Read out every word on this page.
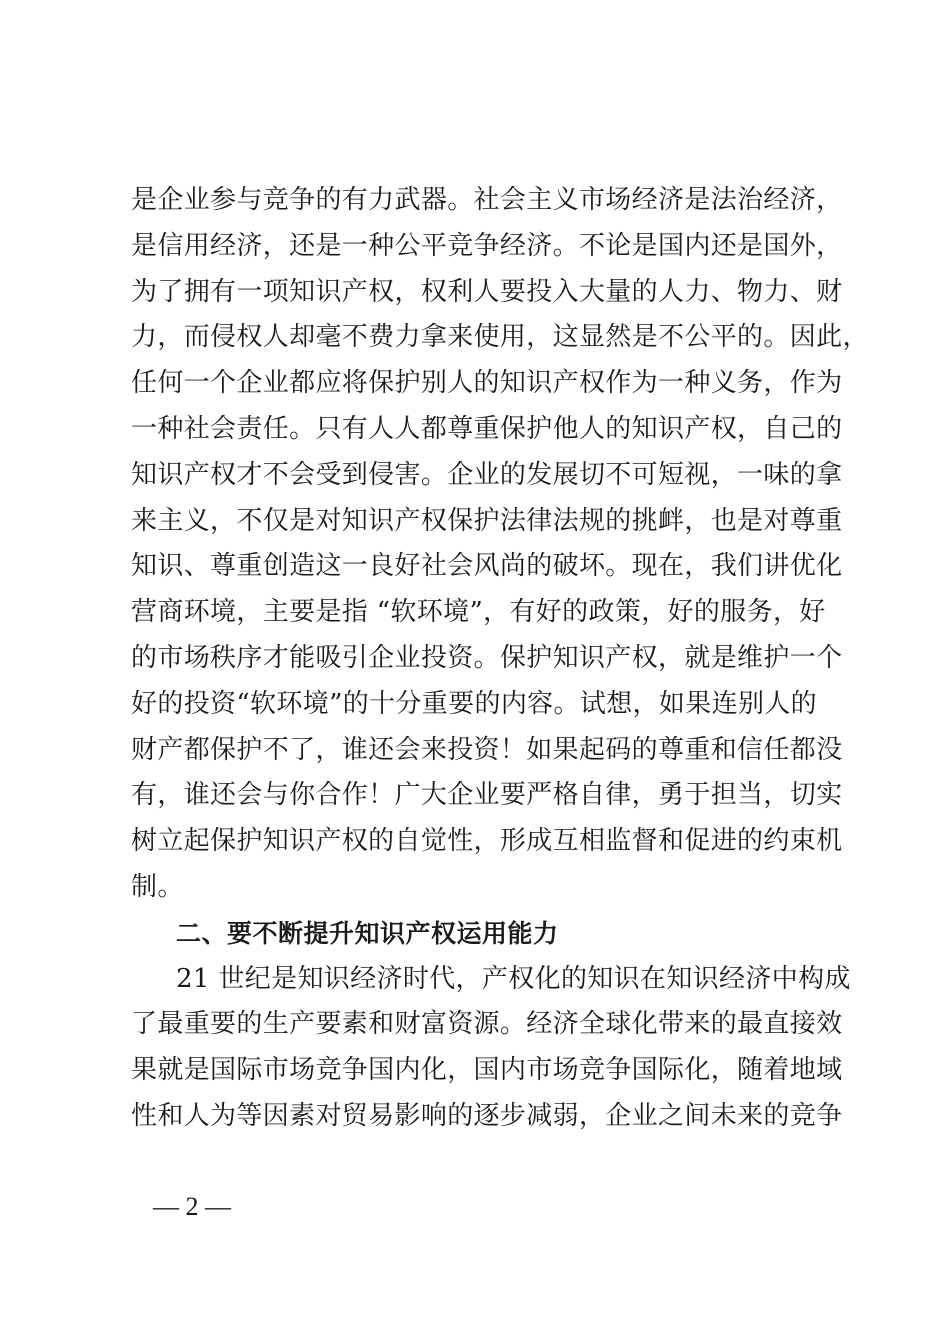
是企业参与竞争的有力武器。社会主义市场经济是法治经济，
是信用经济，还是一种公平竞争经济。不论是国内还是国外，
为了拥有一项知识产权，权利人要投入大量的人力、物力、财
力，而侵权人却毫不费力拿来使用，这显然是不公平的。因此，
任何一个企业都应将保护别人的知识产权作为一种义务，作为
一种社会责任。只有人人都尊重保护他人的知识产权，自己的
知识产权才不会受到侵害。企业的发展切不可短视，一味的拿
来主义，不仅是对知识产权保护法律法规的挑衅，也是对尊重
知识、尊重创造这一良好社会风尚的破坏。现在，我们讲优化
营商环境，主要是指 “软环境”，有好的政策，好的服务，好
的市场秩序才能吸引企业投资。保护知识产权，就是维护一个
好的投资“软环境”的十分重要的内容。试想，如果连别人的
财产都保护不了，谁还会来投资！如果起码的尊重和信任都没
有，谁还会与你合作！广大企业要严格自律，勇于担当，切实
树立起保护知识产权的自觉性，形成互相监督和促进的约束机
制。
二、要不断提升知识产权运用能力
21 世纪是知识经济时代，产权化的知识在知识经济中构成
了最重要的生产要素和财富资源。经济全球化带来的最直接效
果就是国际市场竞争国内化，国内市场竞争国际化，随着地域
性和人为等因素对贸易影响的逐步减弱，企业之间未来的竞争
— 2 —
